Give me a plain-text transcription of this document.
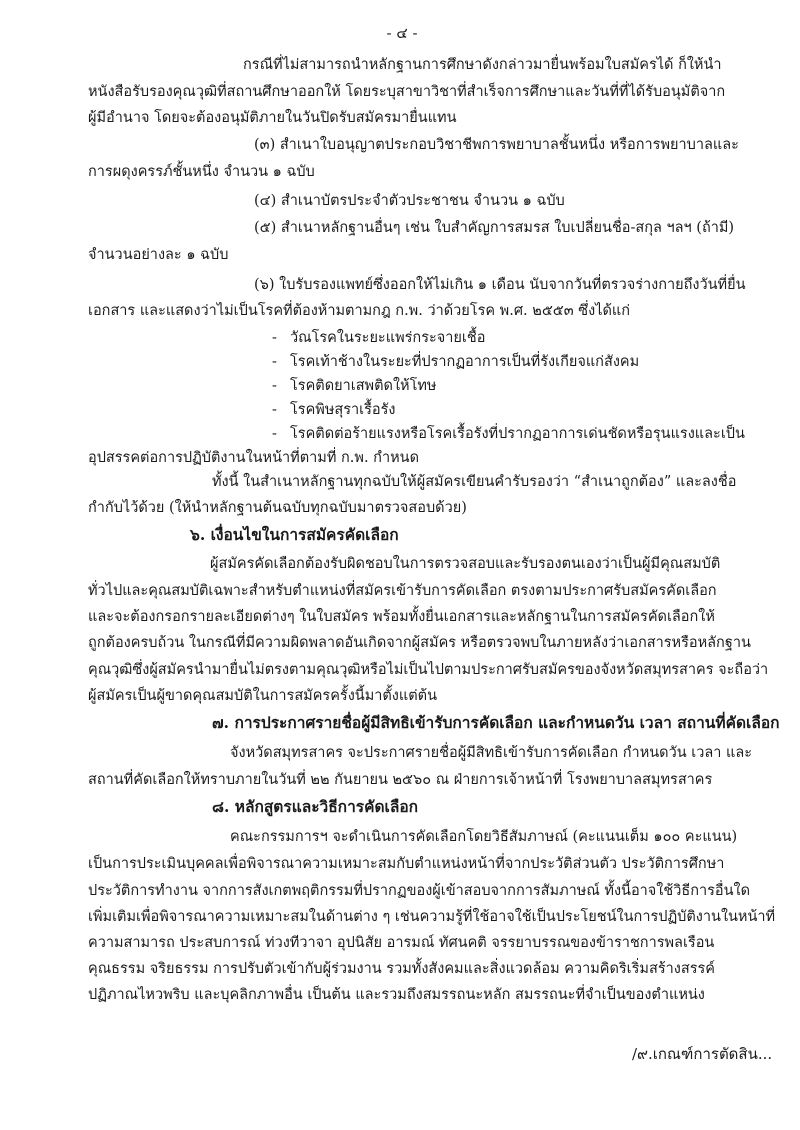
- ๔ -
กรณีที่ไม่สามารถนำหลักฐานการศึกษาดังกล่าวมายื่นพร้อมใบสมัครได้ ก็ให้นำ
หนังสือรับรองคุณวุฒิที่สถานศึกษาออกให้ โดยระบุสาขาวิชาที่สำเร็จการศึกษาและวันที่ที่ได้รับอนุมัติจาก
ผู้มีอำนาจ โดยจะต้องอนุมัติภายในวันปิดรับสมัครมายื่นแทน
(๓) สำเนาใบอนุญาตประกอบวิชาชีพการพยาบาลชั้นหนึ่ง หรือการพยาบาลและ
การผดุงครรภ์ชั้นหนึ่ง จำนวน ๑ ฉบับ
(๔) สำเนาบัตรประจำตัวประชาชน จำนวน ๑ ฉบับ
(๕) สำเนาหลักฐานอื่นๆ เช่น ใบสำคัญการสมรส ใบเปลี่ยนชื่อ-สกุล ฯลฯ (ถ้ามี)
จำนวนอย่างละ ๑ ฉบับ
(๖) ใบรับรองแพทย์ซึ่งออกให้ไม่เกิน ๑ เดือน นับจากวันที่ตรวจร่างกายถึงวันที่ยื่น
เอกสาร และแสดงว่าไม่เป็นโรคที่ต้องห้ามตามกฎ ก.พ. ว่าด้วยโรค พ.ศ. ๒๕๕๓ ซึ่งได้แก่
- วัณโรคในระยะแพร่กระจายเชื้อ
- โรคเท้าช้างในระยะที่ปรากฏอาการเป็นที่รังเกียจแก่สังคม
- โรคติดยาเสพติดให้โทษ
- โรคพิษสุราเรื้อรัง
- โรคติดต่อร้ายแรงหรือโรคเรื้อรังที่ปรากฏอาการเด่นชัดหรือรุนแรงและเป็น
อุปสรรคต่อการปฏิบัติงานในหน้าที่ตามที่ ก.พ. กำหนด
ทั้งนี้ ในสำเนาหลักฐานทุกฉบับให้ผู้สมัครเขียนคำรับรองว่า “สำเนาถูกต้อง” และลงชื่อ
กำกับไว้ด้วย (ให้นำหลักฐานต้นฉบับทุกฉบับมาตรวจสอบด้วย)
๖. เงื่อนไขในการสมัครคัดเลือก
ผู้สมัครคัดเลือกต้องรับผิดชอบในการตรวจสอบและรับรองตนเองว่าเป็นผู้มีคุณสมบัติ
ทั่วไปและคุณสมบัติเฉพาะสำหรับตำแหน่งที่สมัครเข้ารับการคัดเลือก ตรงตามประกาศรับสมัครคัดเลือก
และจะต้องกรอกรายละเอียดต่างๆ ในใบสมัคร พร้อมทั้งยื่นเอกสารและหลักฐานในการสมัครคัดเลือกให้
ถูกต้องครบถ้วน ในกรณีที่มีความผิดพลาดอันเกิดจากผู้สมัคร หรือตรวจพบในภายหลังว่าเอกสารหรือหลักฐาน
คุณวุฒิซึ่งผู้สมัครนำมายื่นไม่ตรงตามคุณวุฒิหรือไม่เป็นไปตามประกาศรับสมัครของจังหวัดสมุทรสาคร จะถือว่า
ผู้สมัครเป็นผู้ขาดคุณสมบัติในการสมัครครั้งนี้มาตั้งแต่ต้น
๗. การประกาศรายชื่อผู้มีสิทธิเข้ารับการคัดเลือก และกำหนดวัน เวลา สถานที่คัดเลือก
จังหวัดสมุทรสาคร จะประกาศรายชื่อผู้มีสิทธิเข้ารับการคัดเลือก กำหนดวัน เวลา และ
สถานที่คัดเลือกให้ทราบภายในวันที่ ๒๒ กันยายน ๒๕๖๐ ณ ฝ่ายการเจ้าหน้าที่ โรงพยาบาลสมุทรสาคร
๘. หลักสูตรและวิธีการคัดเลือก
คณะกรรมการฯ จะดำเนินการคัดเลือกโดยวิธีสัมภาษณ์ (คะแนนเต็ม ๑๐๐ คะแนน)
เป็นการประเมินบุคคลเพื่อพิจารณาความเหมาะสมกับตำแหน่งหน้าที่จากประวัติส่วนตัว ประวัติการศึกษา
ประวัติการทำงาน จากการสังเกตพฤติกรรมที่ปรากฏของผู้เข้าสอบจากการสัมภาษณ์ ทั้งนี้อาจใช้วิธีการอื่นใด
เพิ่มเติมเพื่อพิจารณาความเหมาะสมในด้านต่าง ๆ เช่นความรู้ที่ใช้อาจใช้เป็นประโยชน์ในการปฏิบัติงานในหน้าที่
ความสามารถ ประสบการณ์ ท่วงทีวาจา อุปนิสัย อารมณ์ ทัศนคติ จรรยาบรรณของข้าราชการพลเรือน
คุณธรรม จริยธรรม การปรับตัวเข้ากับผู้ร่วมงาน รวมทั้งสังคมและสิ่งแวดล้อม ความคิดริเริ่มสร้างสรรค์
ปฏิภาณไหวพริบ และบุคลิกภาพอื่น เป็นต้น และรวมถึงสมรรถนะหลัก สมรรถนะที่จำเป็นของตำแหน่ง
/๙.เกณฑ์การตัดสิน...
